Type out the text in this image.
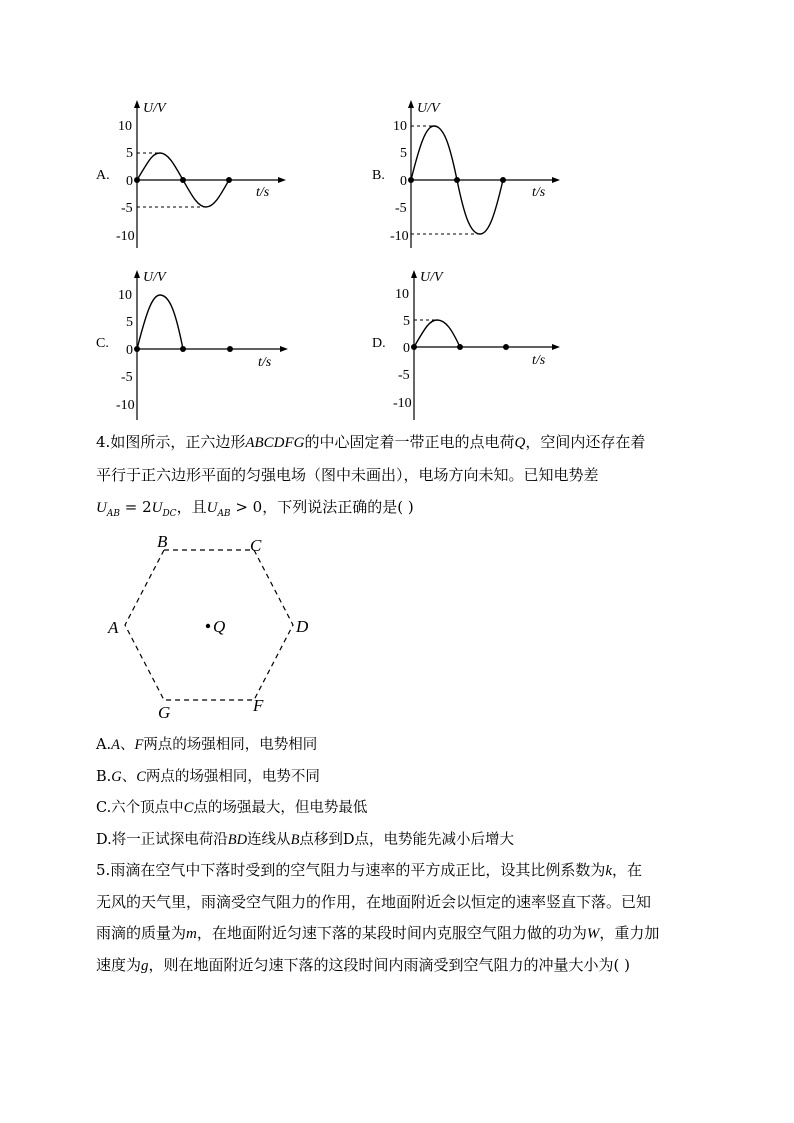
10
5
0
-5
-10
U/V
t/s
A.
10
5
0
-5
-10
U/V
t/s
B.
10
5
0
-5
-10
U/V
t/s
C.
10
5
0
-5
-10
U/V
t/s
D.

4.如图所示，正六边形ABCDFG的中心固定着一带正电的点电荷Q，空间内还存在着

平行于正六边形平面的匀强电场（图中未画出），电场方向未知。已知电势差

$U_{AB} = 2U_{DC}$，且$U_{AB} > 0$，下列说法正确的是( )

B	C
A	D
G	F
Q
A.A、F两点的场强相同，电势相同
B.G、C两点的场强相同，电势不同
C.六个顶点中C点的场强最大，但电势最低
D.将一正试探电荷沿BD连线从B点移到D点，电势能先减小后增大

5.雨滴在空气中下落时受到的空气阻力与速率的平方成正比，设其比例系数为k，在

无风的天气里，雨滴受空气阻力的作用，在地面附近会以恒定的速率竖直下落。已知

雨滴的质量为m，在地面附近匀速下落的某段时间内克服空气阻力做的功为W，重力加

速度为g，则在地面附近匀速下落的这段时间内雨滴受到空气阻力的冲量大小为( )
